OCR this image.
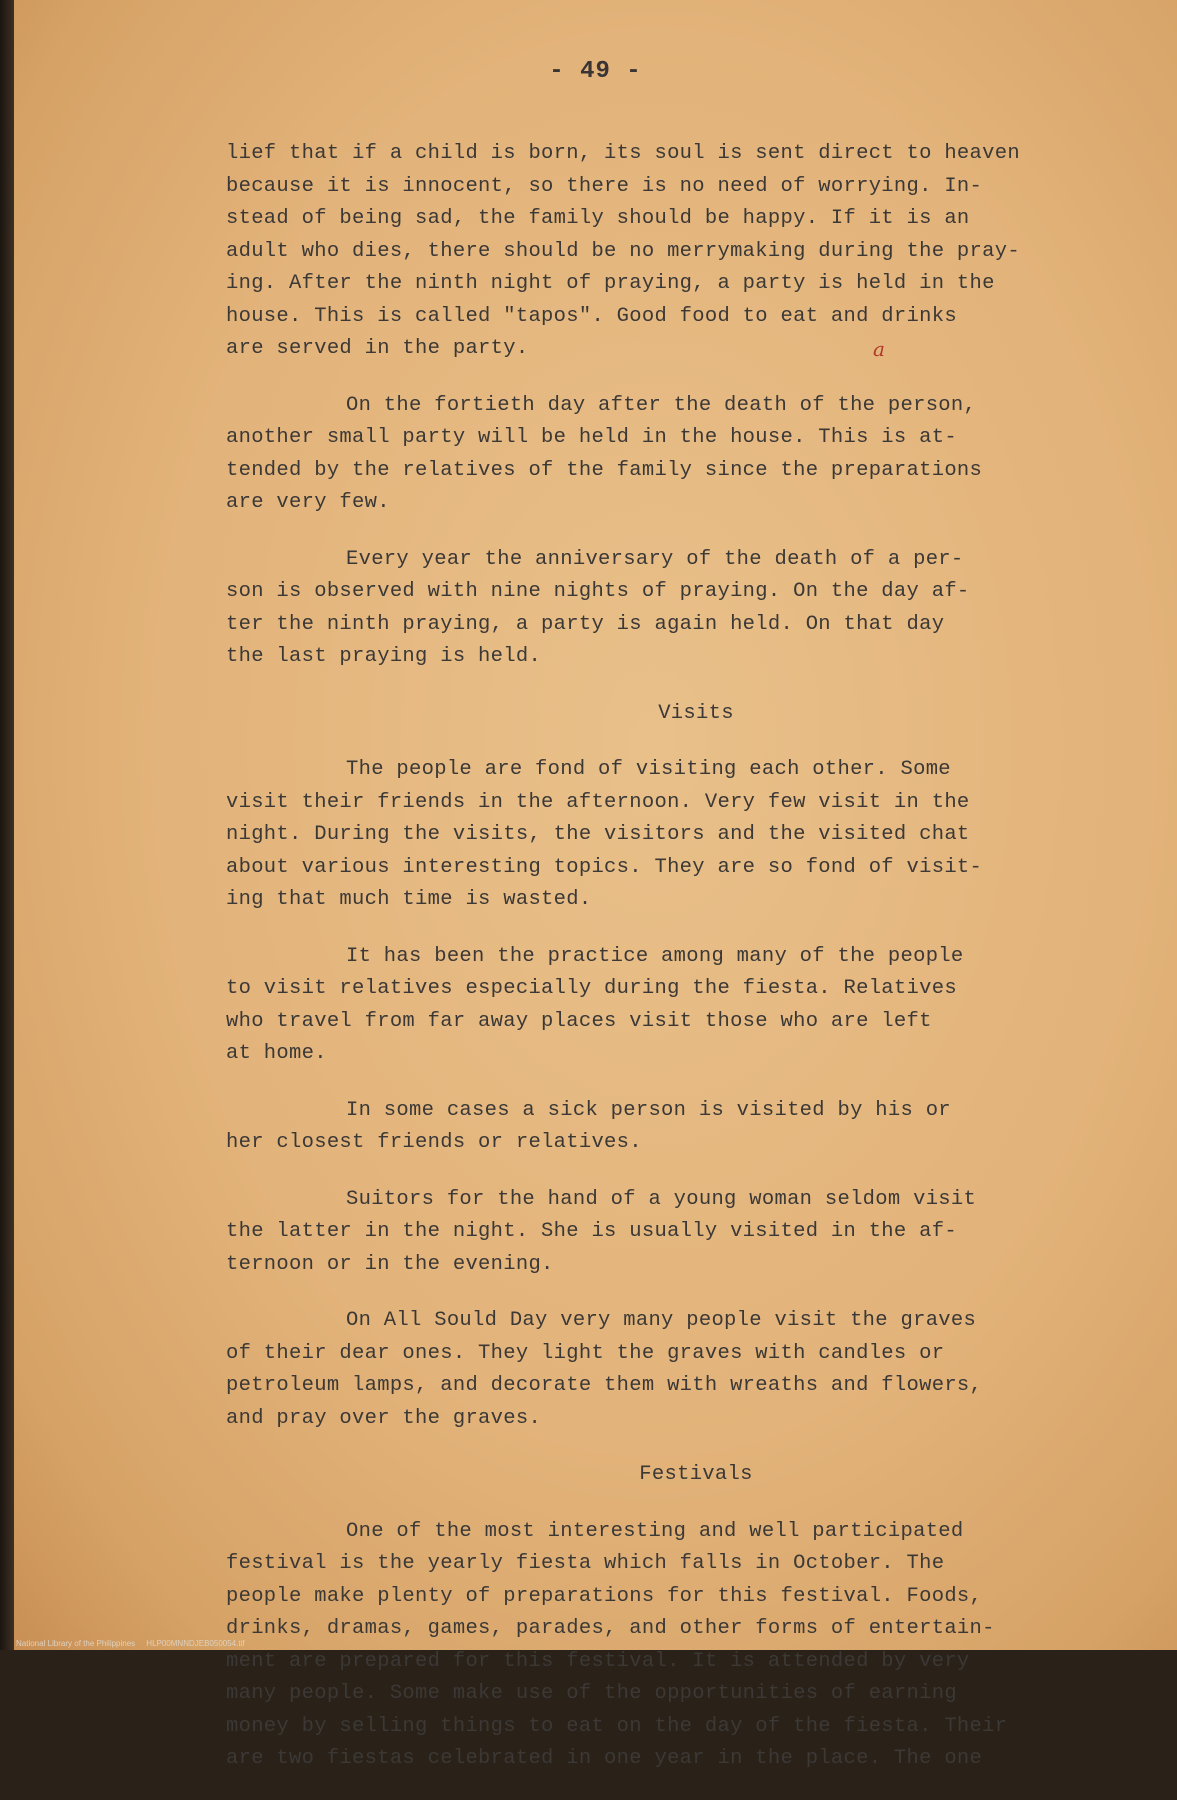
- 49 -
a

lief that if a child is born, its soul is sent direct to heaven
because it is innocent, so there is no need of worrying. In-
stead of being sad, the family should be happy. If it is an
adult who dies, there should be no merrymaking during the pray-
ing. After the ninth night of praying, a party is held in the
house. This is called "tapos". Good food to eat and drinks
are served in the party.

On the fortieth day after the death of the person,
another small party will be held in the house. This is at-
tended by the relatives of the family since the preparations
are very few.

Every year the anniversary of the death of a per-
son is observed with nine nights of praying. On the day af-
ter the ninth praying, a party is again held. On that day
the last praying is held.

Visits

The people are fond of visiting each other. Some
visit their friends in the afternoon. Very few visit in the
night. During the visits, the visitors and the visited chat
about various interesting topics. They are so fond of visit-
ing that much time is wasted.

It has been the practice among many of the people
to visit relatives especially during the fiesta. Relatives
who travel from far away places visit those who are left
at home.

In some cases a sick person is visited by his or
her closest friends or relatives.

Suitors for the hand of a young woman seldom visit
the latter in the night. She is usually visited in the af-
ternoon or in the evening.

On All Sould Day very many people visit the graves
of their dear ones. They light the graves with candles or
petroleum lamps, and decorate them with wreaths and flowers,
and pray over the graves.

Festivals

One of the most interesting and well participated
festival is the yearly fiesta which falls in October. The
people make plenty of preparations for this festival. Foods,
drinks, dramas, games, parades, and other forms of entertain-
ment are prepared for this festival. It is attended by very
many people. Some make use of the opportunities of earning
money by selling things to eat on the day of the fiesta. Their
are two fiestas celebrated in one year in the place. The one

National Library of the Philippines     HLP00MNNDJEB050054.tif
